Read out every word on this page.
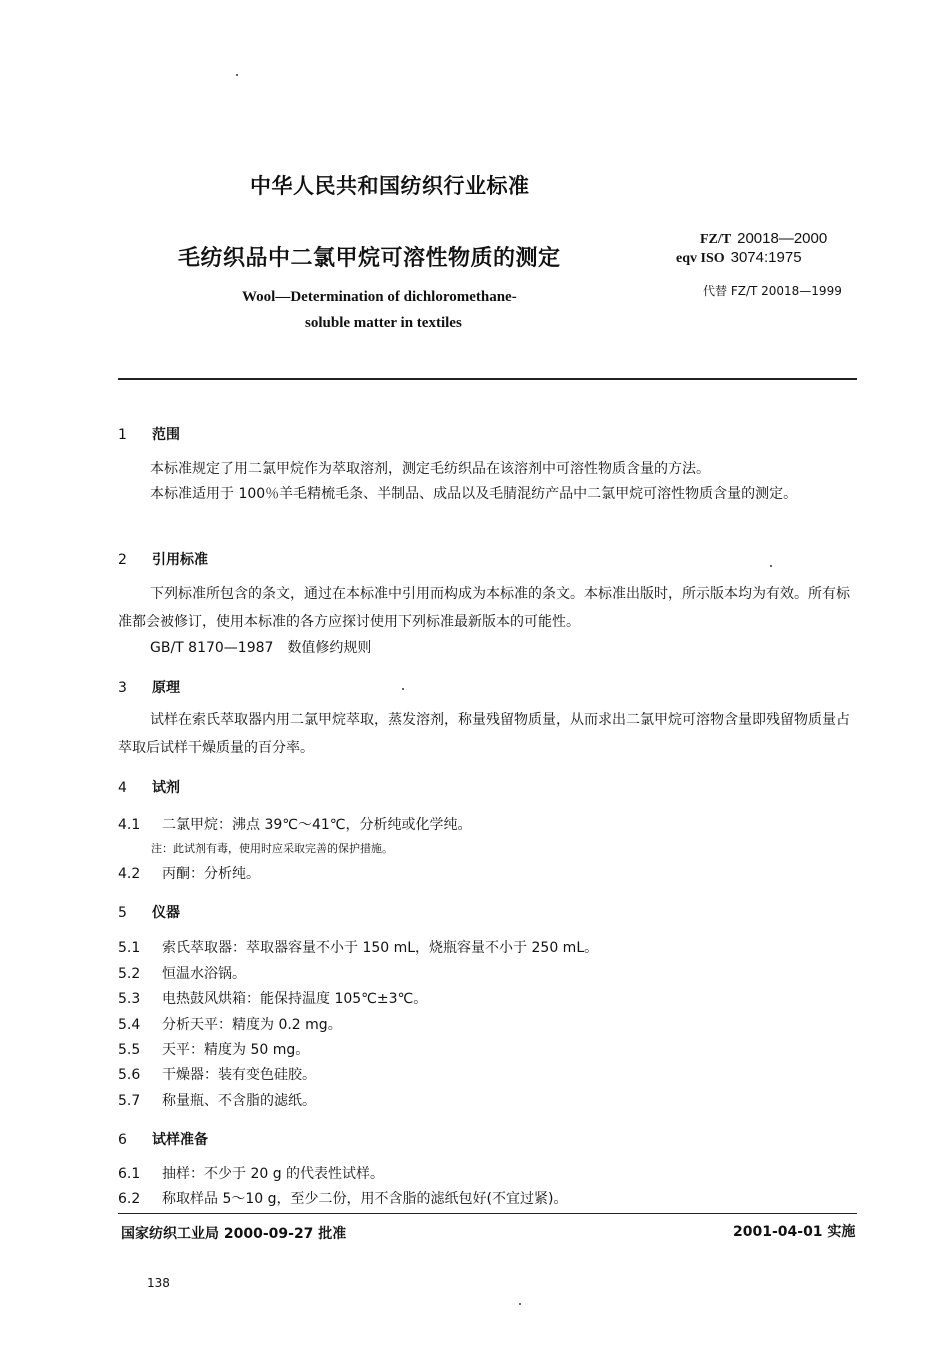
中华人民共和国纺织行业标准
毛纺织品中二氯甲烷可溶性物质的测定
FZ/T 20018—2000
eqv ISO 3074:1975
代替 FZ/T 20018—1999
Wool—Determination of dichloromethane-
soluble matter in textiles
1 范围
本标准规定了用二氯甲烷作为萃取溶剂，测定毛纺织品在该溶剂中可溶性物质含量的方法。
本标准适用于 100％羊毛精梳毛条、半制品、成品以及毛腈混纺产品中二氯甲烷可溶性物质含量的测定。
2 引用标准
下列标准所包含的条文，通过在本标准中引用而构成为本标准的条文。本标准出版时，所示版本均为有效。所有标准都会被修订，使用本标准的各方应探讨使用下列标准最新版本的可能性。
GB/T 8170—1987　数值修约规则
3 原理
试样在索氏萃取器内用二氯甲烷萃取，蒸发溶剂，称量残留物质量，从而求出二氯甲烷可溶物含量即残留物质量占萃取后试样干燥质量的百分率。
4 试剂
4.1 二氯甲烷：沸点 39℃～41℃，分析纯或化学纯。
注：此试剂有毒，使用时应采取完善的保护措施。
4.2 丙酮：分析纯。
5 仪器
5.1 索氏萃取器：萃取器容量不小于 150 mL，烧瓶容量不小于 250 mL。
5.2 恒温水浴锅。
5.3 电热鼓风烘箱：能保持温度 105℃±3℃。
5.4 分析天平：精度为 0.2 mg。
5.5 天平：精度为 50 mg。
5.6 干燥器：装有变色硅胶。
5.7 称量瓶、不含脂的滤纸。
6 试样准备
6.1 抽样：不少于 20 g 的代表性试样。
6.2 称取样品 5～10 g，至少二份，用不含脂的滤纸包好(不宜过紧)。
国家纺织工业局 2000-09-27 批准	2001-04-01 实施
138
